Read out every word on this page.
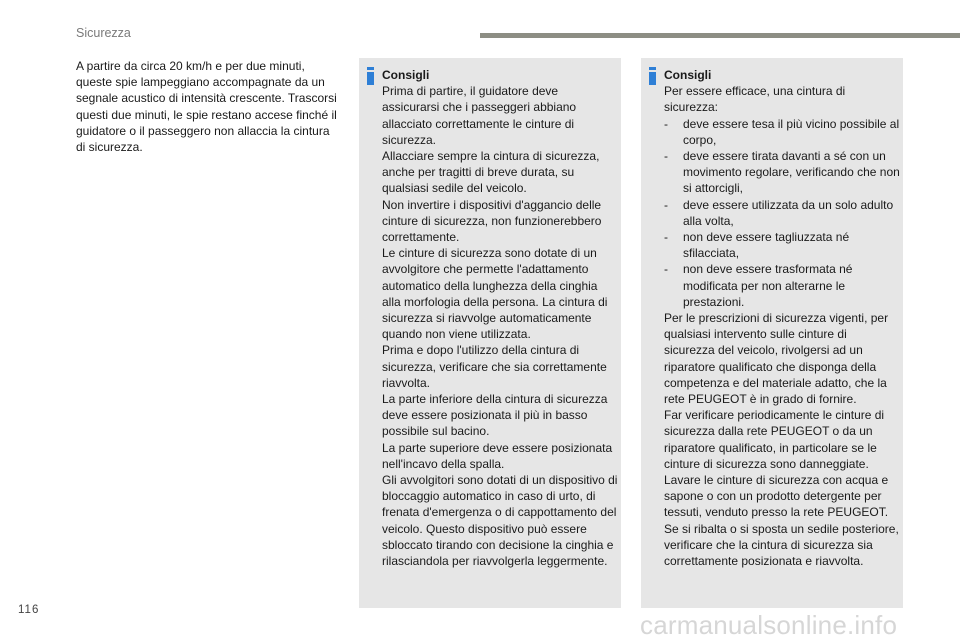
Sicurezza

A partire da circa 20 km/h e per due minuti, queste spie lampeggiano accompagnate da un segnale acustico di intensità crescente. Trascorsi questi due minuti, le spie restano accese finché il guidatore o il passeggero non allaccia la cintura di sicurezza.

Consigli
Prima di partire, il guidatore deve assicurarsi che i passeggeri abbiano allacciato correttamente le cinture di sicurezza.
Allacciare sempre la cintura di sicurezza, anche per tragitti di breve durata, su qualsiasi sedile del veicolo.
Non invertire i dispositivi d'aggancio delle cinture di sicurezza, non funzionerebbero correttamente.
Le cinture di sicurezza sono dotate di un avvolgitore che permette l'adattamento automatico della lunghezza della cinghia alla morfologia della persona. La cintura di sicurezza si riavvolge automaticamente quando non viene utilizzata.
Prima e dopo l'utilizzo della cintura di sicurezza, verificare che sia correttamente riavvolta.
La parte inferiore della cintura di sicurezza deve essere posizionata il più in basso possibile sul bacino.
La parte superiore deve essere posizionata nell'incavo della spalla.
Gli avvolgitori sono dotati di un dispositivo di bloccaggio automatico in caso di urto, di frenata d'emergenza o di cappottamento del veicolo. Questo dispositivo può essere sbloccato tirando con decisione la cinghia e rilasciandola per riavvolgerla leggermente.
Consigli
Per essere efficace, una cintura di sicurezza:
- deve essere tesa il più vicino possibile al corpo,
- deve essere tirata davanti a sé con un movimento regolare, verificando che non si attorcigli,
- deve essere utilizzata da un solo adulto alla volta,
- non deve essere tagliuzzata né sfilacciata,
- non deve essere trasformata né modificata per non alterarne le prestazioni.
Per le prescrizioni di sicurezza vigenti, per qualsiasi intervento sulle cinture di sicurezza del veicolo, rivolgersi ad un riparatore qualificato che disponga della competenza e del materiale adatto, che la rete PEUGEOT è in grado di fornire.
Far verificare periodicamente le cinture di sicurezza dalla rete PEUGEOT o da un riparatore qualificato, in particolare se le cinture di sicurezza sono danneggiate.
Lavare le cinture di sicurezza con acqua e sapone o con un prodotto detergente per tessuti, venduto presso la rete PEUGEOT.
Se si ribalta o si sposta un sedile posteriore, verificare che la cintura di sicurezza sia correttamente posizionata e riavvolta.
116	carmanualsonline.info
